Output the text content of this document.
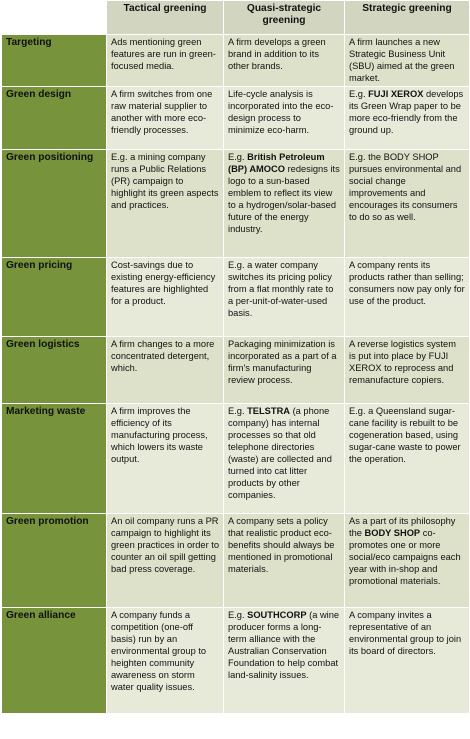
	Tactical greening	Quasi-strategic greening	Strategic greening
Targeting	Ads mentioning green features are run in green-focused media.	A firm develops a green brand in addition to its other brands.	A firm launches a new Strategic Business Unit (SBU) aimed at the green market.
Green design	A firm switches from one raw material supplier to another with more eco-friendly processes.	Life-cycle analysis is incorporated into the eco-design process to minimize eco-harm.	E.g. FUJI XEROX develops its Green Wrap paper to be more eco-friendly from the ground up.
Green positioning	E.g. a mining company runs a Public Relations (PR) campaign to highlight its green aspects and practices.	E.g. British Petroleum (BP) AMOCO redesigns its logo to a sun-based emblem to reflect its view to a hydrogen/solar-based future of the energy industry.	E.g. the BODY SHOP pursues environmental and social change improvements and encourages its consumers to do so as well.
Green pricing	Cost-savings due to existing energy-efficiency features are highlighted for a product.	E.g. a water company switches its pricing policy from a flat monthly rate to a per-unit-of-water-used basis.	A company rents its products rather than selling; consumers now pay only for use of the product.
Green logistics	A firm changes to a more concentrated detergent, which.	Packaging minimization is incorporated as a part of a firm's manufacturing review process.	A reverse logistics system is put into place by FUJI XEROX to reprocess and remanufacture copiers.
Marketing waste	A firm improves the efficiency of its manufacturing process, which lowers its waste output.	E.g. TELSTRA (a phone company) has internal processes so that old telephone directories (waste) are collected and turned into cat litter products by other companies.	E.g. a Queensland sugar-cane facility is rebuilt to be cogeneration based, using sugar-cane waste to power the operation.
Green promotion	An oil company runs a PR campaign to highlight its green practices in order to counter an oil spill getting bad press coverage.	A company sets a policy that realistic product eco-benefits should always be mentioned in promotional materials.	As a part of its philosophy the BODY SHOP co-promotes one or more social/eco campaigns each year with in-shop and promotional materials.
Green alliance	A company funds a competition (one-off basis) run by an environmental group to heighten community awareness on storm water quality issues.	E.g. SOUTHCORP (a wine producer forms a long-term alliance with the Australian Conservation Foundation to help combat land-salinity issues.	A company invites a representative of an environmental group to join its board of directors.
